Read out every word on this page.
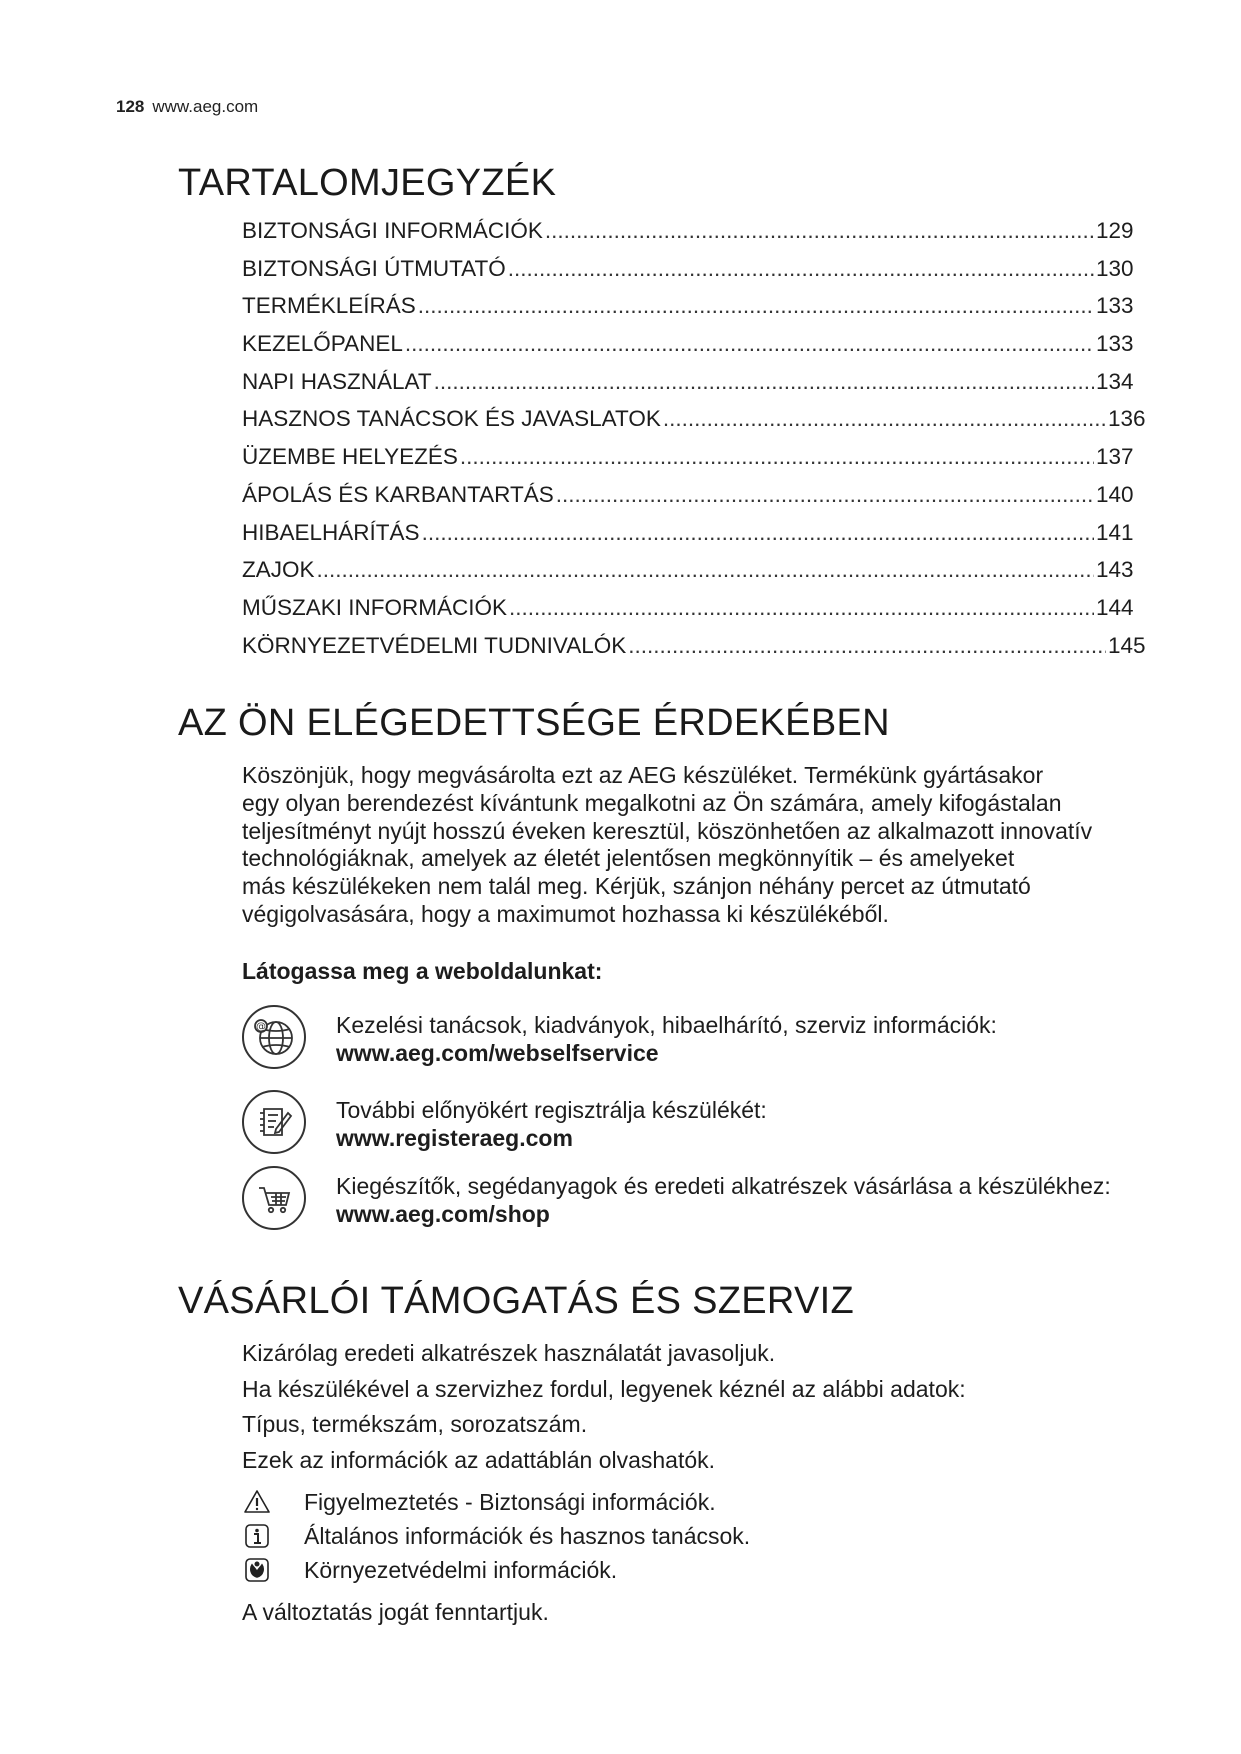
128 www.aeg.com
TARTALOMJEGYZÉK
BIZTONSÁGI INFORMÁCIÓK .....	129
BIZTONSÁGI ÚTMUTATÓ .....	130
TERMÉKLEÍRÁS .....	133
KEZELŐPANEL .....	133
NAPI HASZNÁLAT .....	134
HASZNOS TANÁCSOK ÉS JAVASLATOK .....	136
ÜZEMBE HELYEZÉS .....	137
ÁPOLÁS ÉS KARBANTARTÁS .....	140
HIBAELHÁRÍTÁS .....	141
ZAJOK .....	143
MŰSZAKI INFORMÁCIÓK .....	144
KÖRNYEZETVÉDELMI TUDNIVALÓK .....	145
AZ ÖN ELÉGEDETTSÉGE ÉRDEKÉBEN

Köszönjük, hogy megvásárolta ezt az AEG készüléket. Termékünk gyártásakor
egy olyan berendezést kívántunk megalkotni az Ön számára, amely kifogástalan
teljesítményt nyújt hosszú éveken keresztül, köszönhetően az alkalmazott innovatív
technológiáknak, amelyek az életét jelentősen megkönnyítik – és amelyeket
más készülékeken nem talál meg. Kérjük, szánjon néhány percet az útmutató
végigolvasására, hogy a maximumot hozhassa ki készülékéből.

Látogassa meg a weboldalunkat:

@	Kezelési tanácsok, kiadványok, hibaelhárító, szerviz információk:
www.aeg.com/webselfservice
További előnyökért regisztrálja készülékét:
www.registeraeg.com
Kiegészítők, segédanyagok és eredeti alkatrészek vásárlása a készülékhez:
www.aeg.com/shop
VÁSÁRLÓI TÁMOGATÁS ÉS SZERVIZ
Kizárólag eredeti alkatrészek használatát javasoljuk.
Ha készülékével a szervizhez fordul, legyenek kéznél az alábbi adatok:
Típus, termékszám, sorozatszám.
Ezek az információk az adattáblán olvashatók.
Figyelmeztetés - Biztonsági információk.
Általános információk és hasznos tanácsok.
Környezetvédelmi információk.
A változtatás jogát fenntartjuk.
